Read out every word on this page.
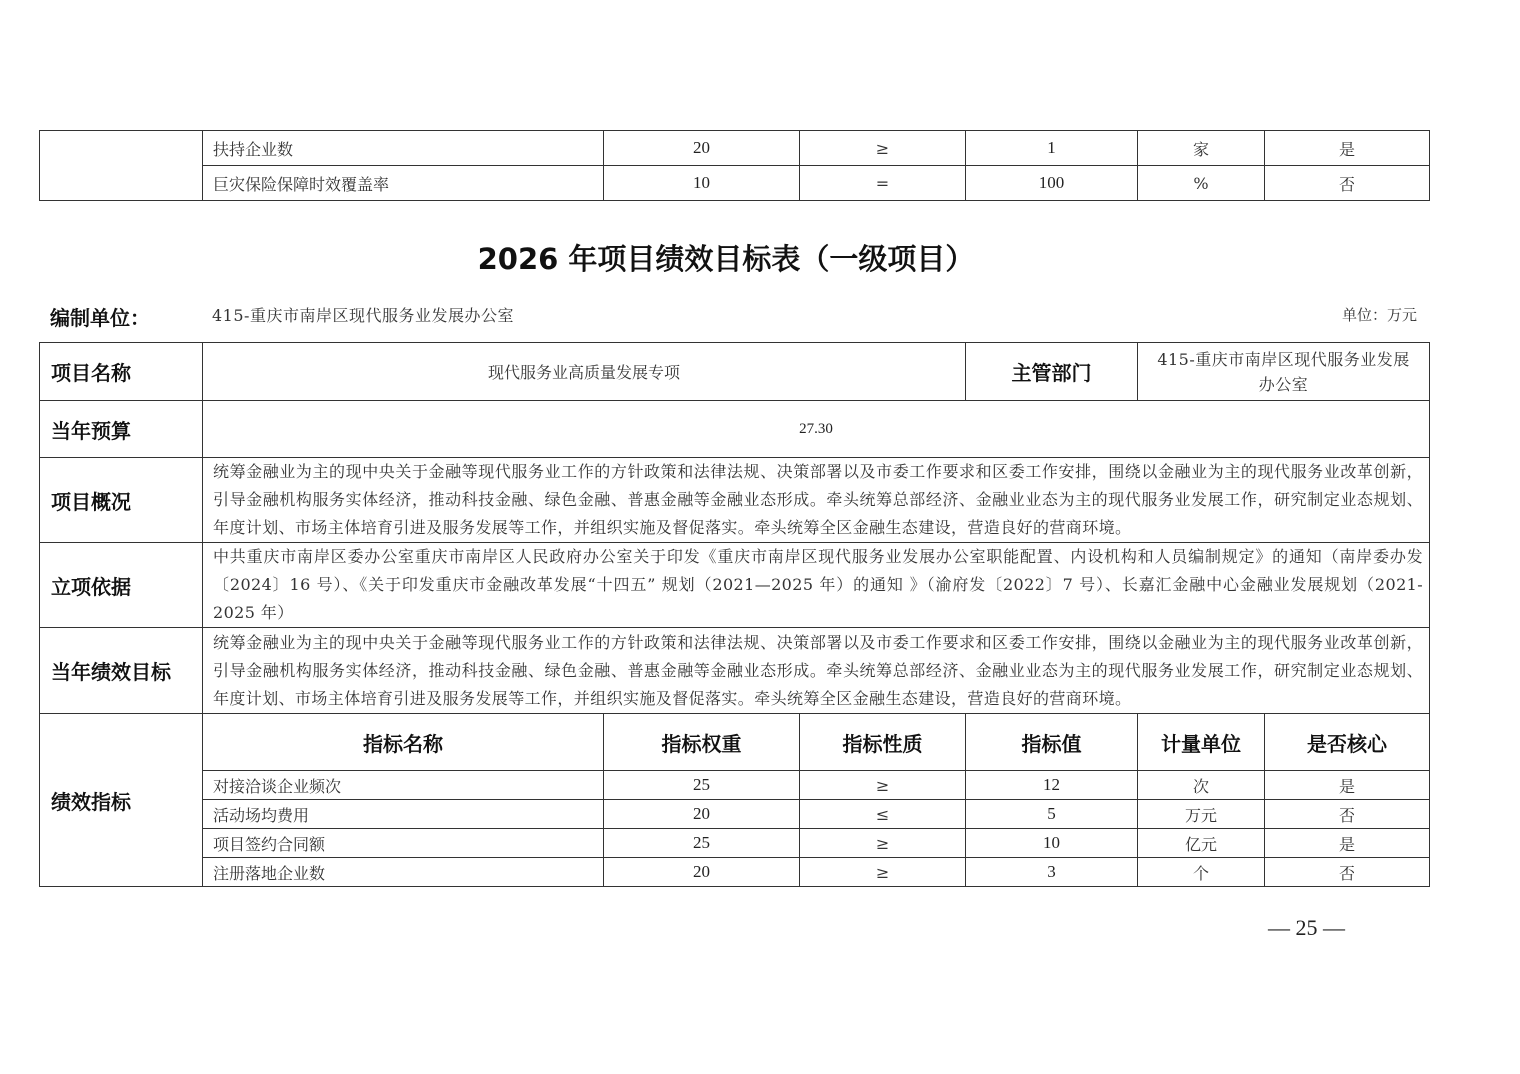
	扶持企业数	20	≥	1	家	是
	巨灾保险保障时效覆盖率	10	=	100	%	否
2026 年项目绩效目标表（一级项目）
编制单位：	415-重庆市南岸区现代服务业发展办公室	单位：万元
项目名称	现代服务业高质量发展专项			主管部门	415-重庆市南岸区现代服务业发展办公室	
当年预算	27.30					
项目概况	统筹金融业为主的现中央关于金融等现代服务业工作的方针政策和法律法规、决策部署以及市委工作要求和区委工作安排，围绕以金融业为主的现代服务业改革创新，引导金融机构服务实体经济，推动科技金融、绿色金融、普惠金融等金融业态形成。牵头统筹总部经济、金融业业态为主的现代服务业发展工作，研究制定业态规划、年度计划、市场主体培育引进及服务发展等工作，并组织实施及督促落实。牵头统筹全区金融生态建设，营造良好的营商环境。					
立项依据	中共重庆市南岸区委办公室重庆市南岸区人民政府办公室关于印发《重庆市南岸区现代服务业发展办公室职能配置、内设机构和人员编制规定》的通知（南岸委办发〔2024〕16 号）、《关于印发重庆市金融改革发展“十四五” 规划（2021—2025 年）的通知 》（渝府发〔2022〕7 号）、长嘉汇金融中心金融业发展规划（2021-2025 年）					
当年绩效目标	统筹金融业为主的现中央关于金融等现代服务业工作的方针政策和法律法规、决策部署以及市委工作要求和区委工作安排，围绕以金融业为主的现代服务业改革创新，引导金融机构服务实体经济，推动科技金融、绿色金融、普惠金融等金融业态形成。牵头统筹总部经济、金融业业态为主的现代服务业发展工作，研究制定业态规划、年度计划、市场主体培育引进及服务发展等工作，并组织实施及督促落实。牵头统筹全区金融生态建设，营造良好的营商环境。					
绩效指标	指标名称	指标权重	指标性质	指标值	计量单位	是否核心
	对接洽谈企业频次	25	≥	12	次	是
	活动场均费用	20	≤	5	万元	否
	项目签约合同额	25	≥	10	亿元	是
	注册落地企业数	20	≥	3	个	否
— 25 —
